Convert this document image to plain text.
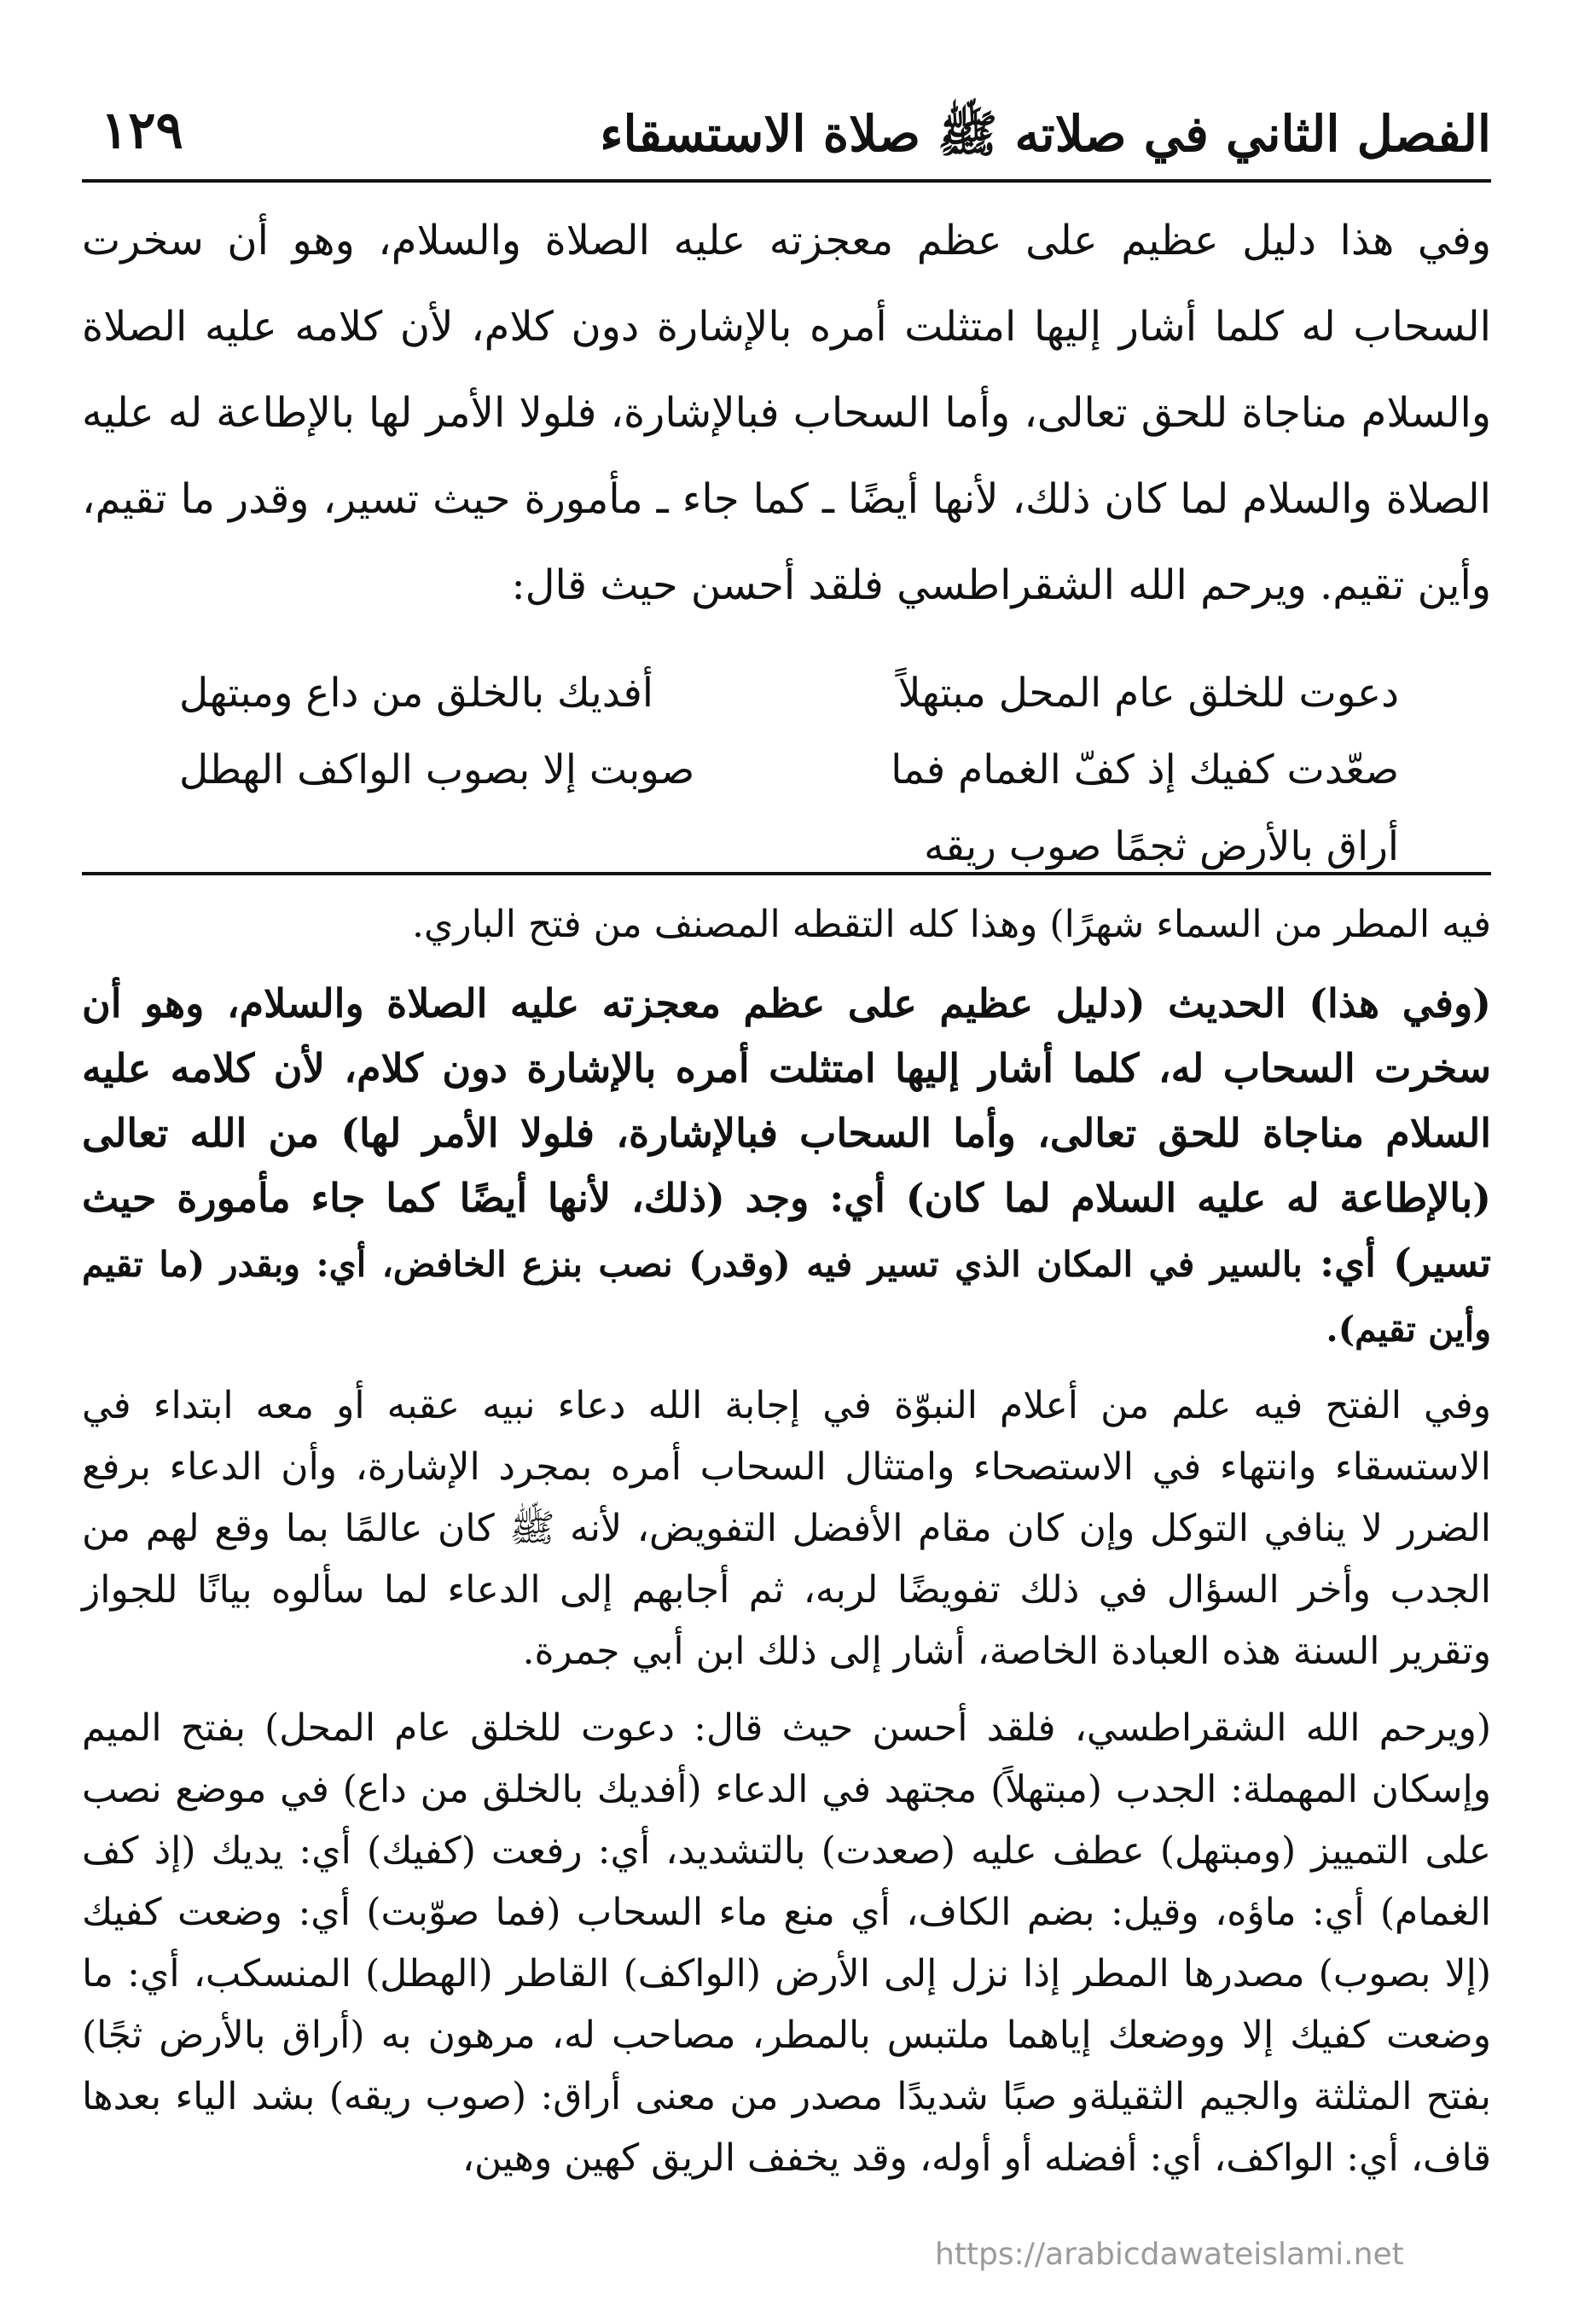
الفصل الثاني في صلاته ﷺ صلاة الاستسقاء
١٢٩

وفي هذا دليل عظيم على عظم معجزته عليه الصلاة والسلام، وهو أن سخرت السحاب له كلما أشار إليها امتثلت أمره بالإشارة دون كلام، لأن كلامه عليه الصلاة والسلام مناجاة للحق تعالى، وأما السحاب فبالإشارة، فلولا الأمر لها بالإطاعة له عليه الصلاة والسلام لما كان ذلك، لأنها أيضًا ـ كما جاء ـ مأمورة حيث تسير، وقدر ما تقيم، وأين تقيم. ويرحم الله الشقراطسي فلقد أحسن حيث قال:

دعوت للخلق عام المحل مبتهلاً
أفديك بالخلق من داع ومبتهل
صعّدت كفيك إذ كفّ الغمام فما
صوبت إلا بصوب الواكف الهطل
أراق بالأرض ثجمًا صوب ريقه

فيه المطر من السماء شهرًا) وهذا كله التقطه المصنف من فتح الباري.

(وفي هذا) الحديث (دليل عظيم على عظم معجزته عليه الصلاة والسلام، وهو أن سخرت السحاب له، كلما أشار إليها امتثلت أمره بالإشارة دون كلام، لأن كلامه عليه السلام مناجاة للحق تعالى، وأما السحاب فبالإشارة، فلولا الأمر لها) من الله تعالى (بالإطاعة له عليه السلام لما كان) أي: وجد (ذلك، لأنها أيضًا كما جاء مأمورة حيث تسير) أي: بالسير في المكان الذي تسير فيه (وقدر) نصب بنزع الخافض، أي: وبقدر (ما تقيم وأين تقيم).

وفي الفتح فيه علم من أعلام النبوّة في إجابة الله دعاء نبيه عقبه أو معه ابتداء في الاستسقاء وانتهاء في الاستصحاء وامتثال السحاب أمره بمجرد الإشارة، وأن الدعاء برفع الضرر لا ينافي التوكل وإن كان مقام الأفضل التفويض، لأنه ﷺ كان عالمًا بما وقع لهم من الجدب وأخر السؤال في ذلك تفويضًا لربه، ثم أجابهم إلى الدعاء لما سألوه بيانًا للجواز وتقرير السنة هذه العبادة الخاصة، أشار إلى ذلك ابن أبي جمرة.

(ويرحم الله الشقراطسي، فلقد أحسن حيث قال: دعوت للخلق عام المحل) بفتح الميم وإسكان المهملة: الجدب (مبتهلاً) مجتهد في الدعاء (أفديك بالخلق من داع) في موضع نصب على التمييز (ومبتهل) عطف عليه (صعدت) بالتشديد، أي: رفعت (كفيك) أي: يديك (إذ كف الغمام) أي: ماؤه، وقيل: بضم الكاف، أي منع ماء السحاب (فما صوّبت) أي: وضعت كفيك (إلا بصوب) مصدرها المطر إذا نزل إلى الأرض (الواكف) القاطر (الهطل) المنسكب، أي: ما وضعت كفيك إلا ووضعك إياهما ملتبس بالمطر، مصاحب له، مرهون به (أراق بالأرض ثجًا) بفتح المثلثة والجيم الثقيلةو صبًا شديدًا مصدر من معنى أراق: (صوب ريقه) بشد الياء بعدها قاف، أي: الواكف، أي: أفضله أو أوله، وقد يخفف الريق كهين وهين،

https://arabicdawateislami.net
